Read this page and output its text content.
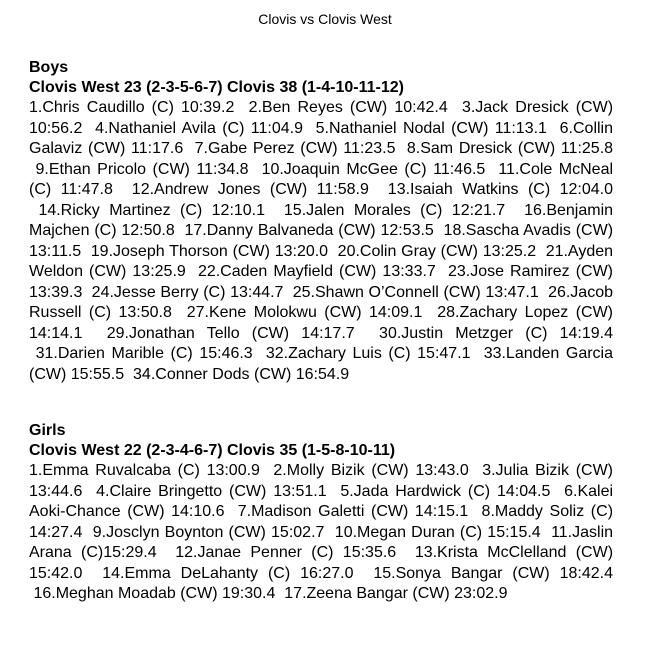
Clovis vs Clovis West
Boys
Clovis West 23 (2-3-5-6-7) Clovis 38 (1-4-10-11-12)
1.Chris Caudillo (C) 10:39.2 2.Ben Reyes (CW) 10:42.4 3.Jack Dresick (CW) 10:56.2 4.Nathaniel Avila (C) 11:04.9 5.Nathaniel Nodal (CW) 11:13.1 6.Collin Galaviz (CW) 11:17.6 7.Gabe Perez (CW) 11:23.5 8.Sam Dresick (CW) 11:25.8  9.Ethan Pricolo (CW) 11:34.8 10.Joaquin McGee (C) 11:46.5 11.Cole McNeal (C) 11:47.8 12.Andrew Jones (CW) 11:58.9 13.Isaiah Watkins (C) 12:04.0  14.Ricky Martinez (C) 12:10.1 15.Jalen Morales (C) 12:21.7 16.Benjamin Majchen (C) 12:50.8 17.Danny Balvaneda (CW) 12:53.5 18.Sascha Avadis (CW) 13:11.5 19.Joseph Thorson (CW) 13:20.0 20.Colin Gray (CW) 13:25.2 21.Ayden Weldon (CW) 13:25.9 22.Caden Mayfield (CW) 13:33.7 23.Jose Ramirez (CW) 13:39.3 24.Jesse Berry (C) 13:44.7 25.Shawn O’Connell (CW) 13:47.1 26.Jacob Russell (C) 13:50.8 27.Kene Molokwu (CW) 14:09.1 28.Zachary Lopez (CW) 14:14.1 29.Jonathan Tello (CW) 14:17.7 30.Justin Metzger (C) 14:19.4  31.Darien Marible (C) 15:46.3 32.Zachary Luis (C) 15:47.1 33.Landen Garcia (CW) 15:55.5 34.Conner Dods (CW) 16:54.9
Girls
Clovis West 22 (2-3-4-6-7) Clovis 35 (1-5-8-10-11)
1.Emma Ruvalcaba (C) 13:00.9 2.Molly Bizik (CW) 13:43.0 3.Julia Bizik (CW) 13:44.6 4.Claire Bringetto (CW) 13:51.1 5.Jada Hardwick (C) 14:04.5 6.Kalei Aoki-Chance (CW) 14:10.6 7.Madison Galetti (CW) 14:15.1 8.Maddy Soliz (C) 14:27.4 9.Josclyn Boynton (CW) 15:02.7 10.Megan Duran (C) 15:15.4 11.Jaslin Arana (C)15:29.4 12.Janae Penner (C) 15:35.6 13.Krista McClelland (CW) 15:42.0 14.Emma DeLahanty (C) 16:27.0 15.Sonya Bangar (CW) 18:42.4  16.Meghan Moadab (CW) 19:30.4 17.Zeena Bangar (CW) 23:02.9
